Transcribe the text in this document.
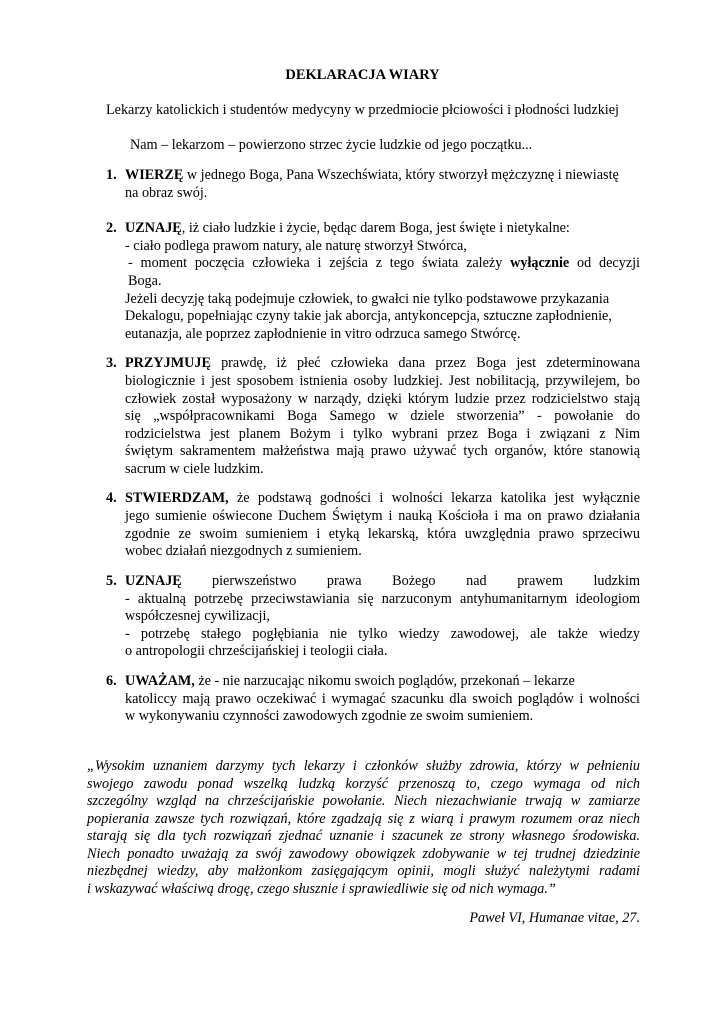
DEKLARACJA WIARY
Lekarzy katolickich i studentów medycyny w przedmiocie płciowości i płodności ludzkiej
Nam – lekarzom – powierzono strzec życie ludzkie od jego początku...
1. WIERZĘ w jednego Boga, Pana Wszechświata, który stworzył mężczyznę i niewiastę
na obraz swój.
2. UZNAJĘ, iż ciało ludzkie i życie, będąc darem Boga, jest święte i nietykalne:
- ciało podlega prawom natury, ale naturę stworzył Stwórca,
- moment poczęcia człowieka i zejścia z tego świata zależy wyłącznie od decyzji
Boga.
Jeżeli decyzję taką podejmuje człowiek, to gwałci nie tylko podstawowe przykazania
Dekalogu, popełniając czyny takie jak aborcja, antykoncepcja, sztuczne zapłodnienie,
eutanazja, ale poprzez zapłodnienie in vitro odrzuca samego Stwórcę.
3. PRZYJMUJĘ prawdę, iż płeć człowieka dana przez Boga jest zdeterminowana
biologicznie i jest sposobem istnienia osoby ludzkiej. Jest nobilitacją, przywilejem, bo
człowiek został wyposażony w narządy, dzięki którym ludzie przez rodzicielstwo stają
się „współpracownikami Boga Samego w dziele stworzenia” - powołanie do
rodzicielstwa jest planem Bożym i tylko wybrani przez Boga i związani z Nim
świętym sakramentem małżeństwa mają prawo używać tych organów, które stanowią
sacrum w ciele ludzkim.
4. STWIERDZAM, że podstawą godności i wolności lekarza katolika jest wyłącznie
jego sumienie oświecone Duchem Świętym i nauką Kościoła i ma on prawo działania
zgodnie ze swoim sumieniem i etyką lekarską, która uwzględnia prawo sprzeciwu
wobec działań niezgodnych z sumieniem.
5. UZNAJĘ pierwszeństwo prawa Bożego nad prawem ludzkim
- aktualną potrzebę przeciwstawiania się narzuconym antyhumanitarnym ideologiom
współczesnej cywilizacji,
- potrzebę stałego pogłębiania nie tylko wiedzy zawodowej, ale także wiedzy
o antropologii chrześcijańskiej i teologii ciała.
6. UWAŻAM, że - nie narzucając nikomu swoich poglądów, przekonań – lekarze
katoliccy mają prawo oczekiwać i wymagać szacunku dla swoich poglądów i wolności
w wykonywaniu czynności zawodowych zgodnie ze swoim sumieniem.
„Wysokim uznaniem darzymy tych lekarzy i członków służby zdrowia, którzy w pełnieniu
swojego zawodu ponad wszelką ludzką korzyść przenoszą to, czego wymaga od nich
szczególny wzgląd na chrześcijańskie powołanie. Niech niezachwianie trwają w zamiarze
popierania zawsze tych rozwiązań, które zgadzają się z wiarą i prawym rozumem oraz niech
starają się dla tych rozwiązań zjednać uznanie i szacunek ze strony własnego środowiska.
Niech ponadto uważają za swój zawodowy obowiązek zdobywanie w tej trudnej dziedzinie
niezbędnej wiedzy, aby małżonkom zasięgającym opinii, mogli służyć należytymi radami
i wskazywać właściwą drogę, czego słusznie i sprawiedliwie się od nich wymaga.”
Paweł VI, Humanae vitae, 27.
